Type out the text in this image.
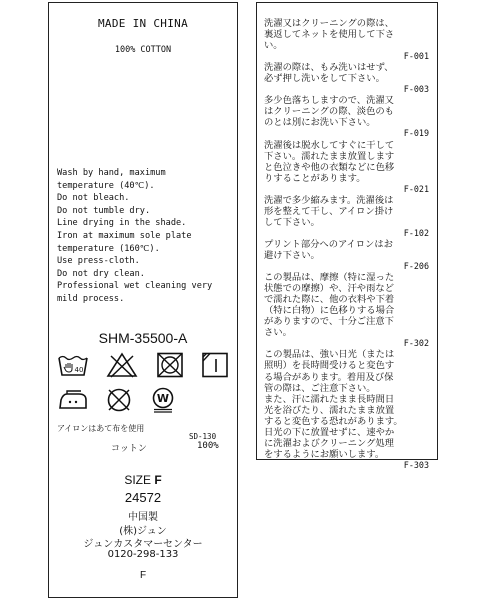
MADE IN CHINA
100% COTTON
Wash by hand, maximum
temperature (40℃).
Do not bleach.
Do not tumble dry.
Line drying in the shade.
Iron at maximum sole plate
temperature (160℃).
Use press-cloth.
Do not dry clean.
Professional wet cleaning very
mild process.
SHM-35500-A
40
W
アイロンはあて布を使用
SD-130
コットン	100%
SIZE F
24572
中国製
(株)ジュン
ジュンカスタマーセンター
0120-298-133
F
洗濯又はクリーニングの際は、
裏返してネットを使用して下さ
い。
F-001
洗濯の際は、もみ洗いはせず、
必ず押し洗いをして下さい。
F-003
多少色落ちしますので、洗濯又
はクリーニングの際、淡色のも
のとは別にお洗い下さい。
F-019
洗濯後は脱水してすぐに干して
下さい。濡れたまま放置します
と色泣きや他の衣類などに色移
りすることがあります。
F-021
洗濯で多少縮みます。洗濯後は
形を整えて干し、アイロン掛け
して下さい。
F-102
プリント部分へのアイロンはお
避け下さい。
F-206
この製品は、摩擦（特に湿った
状態での摩擦）や、汗や雨など
で濡れた際に、他の衣料や下着
（特に白物）に色移りする場合
がありますので、十分ご注意下
さい。
F-302
この製品は、強い日光（または
照明）を長時間受けると変色す
る場合があります。着用及び保
管の際は、ご注意下さい。
また、汗に濡れたまま長時間日
光を浴びたり、濡れたまま放置
すると変色する恐れがあります。
日光の下に放置せずに、速やか
に洗濯およびクリーニング処理
をするようにお願いします。
F-303
